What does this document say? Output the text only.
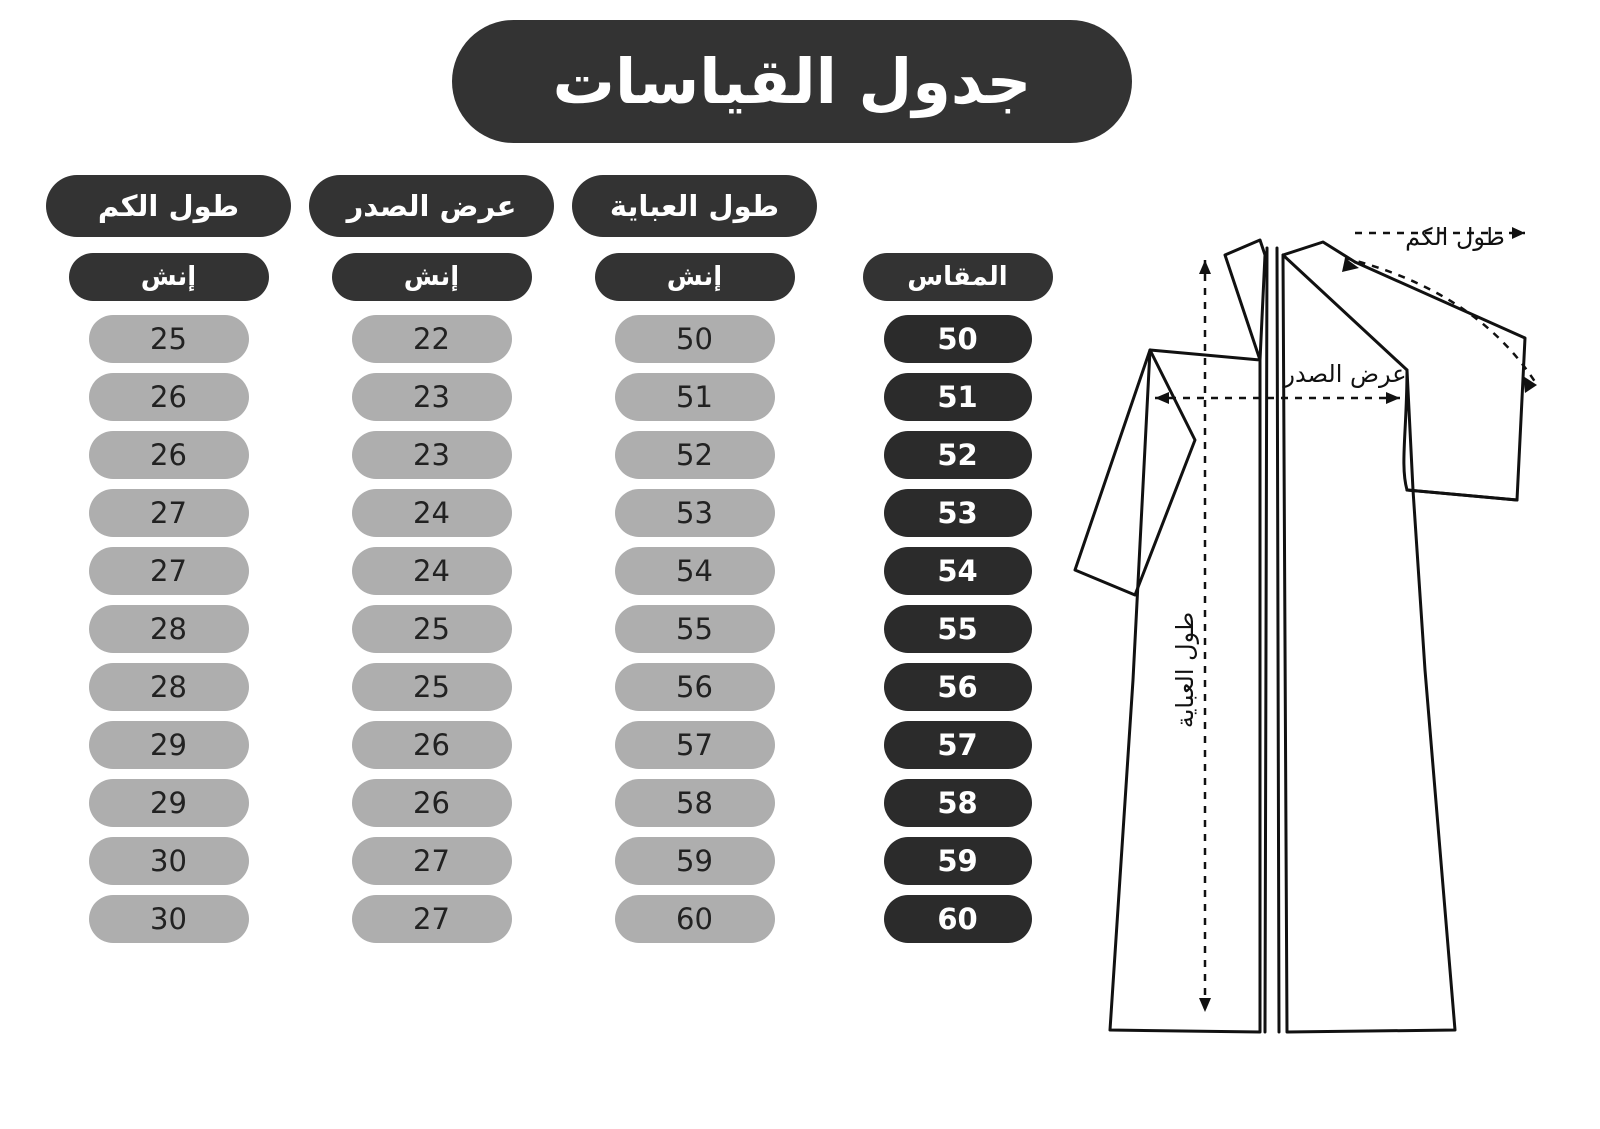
جدول القياسات
المقاس
50
51
52
53
54
55
56
57
58
59
60
طول العباية
إنش
50
51
52
53
54
55
56
57
58
59
60
عرض الصدر
إنش
22
23
23
24
24
25
25
26
26
27
27
طول الكم
إنش
25
26
26
27
27
28
28
29
29
30
30
طول الكم
عرض الصدر
طول العباية
